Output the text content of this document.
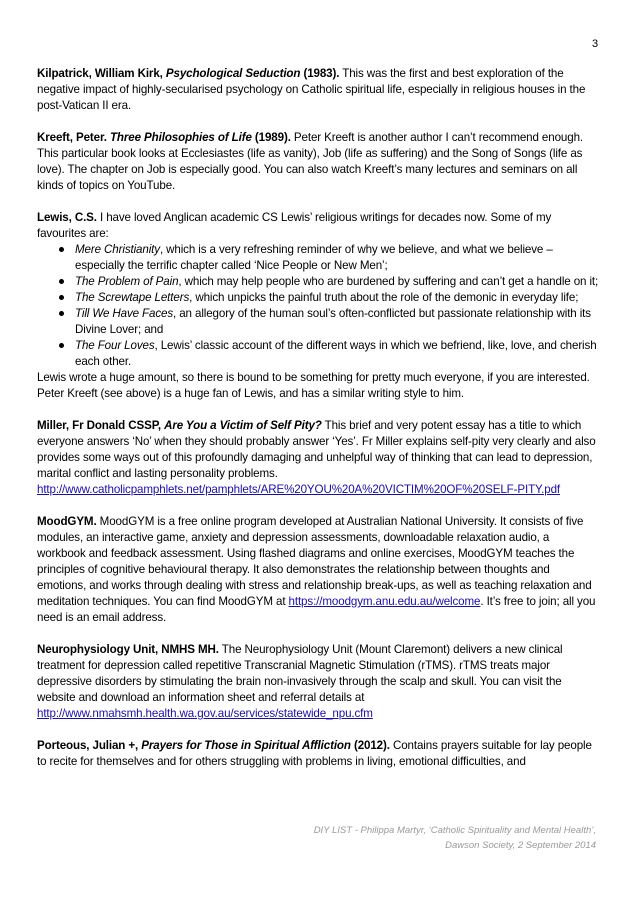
3

Kilpatrick, William Kirk, Psychological Seduction (1983). This was the first and best exploration of the negative impact of highly-secularised psychology on Catholic spiritual life, especially in religious houses in the post-Vatican II era.

Kreeft, Peter. Three Philosophies of Life (1989). Peter Kreeft is another author I can’t recommend enough. This particular book looks at Ecclesiastes (life as vanity), Job (life as suffering) and the Song of Songs (life as love). The chapter on Job is especially good. You can also watch Kreeft’s many lectures and seminars on all kinds of topics on YouTube.

Lewis, C.S. I have loved Anglican academic CS Lewis’ religious writings for decades now. Some of my favourites are:

Mere Christianity, which is a very refreshing reminder of why we believe, and what we believe – especially the terrific chapter called ‘Nice People or New Men’;
The Problem of Pain, which may help people who are burdened by suffering and can’t get a handle on it;
The Screwtape Letters, which unpicks the painful truth about the role of the demonic in everyday life;
Till We Have Faces, an allegory of the human soul’s often-conflicted but passionate relationship with its Divine Lover; and
The Four Loves, Lewis’ classic account of the different ways in which we befriend, like, love, and cherish each other.

Lewis wrote a huge amount, so there is bound to be something for pretty much everyone, if you are interested. Peter Kreeft (see above) is a huge fan of Lewis, and has a similar writing style to him.

Miller, Fr Donald CSSP, Are You a Victim of Self Pity? This brief and very potent essay has a title to which everyone answers ‘No’ when they should probably answer ‘Yes’. Fr Miller explains self-pity very clearly and also provides some ways out of this profoundly damaging and unhelpful way of thinking that can lead to depression, marital conflict and lasting personality problems.

http://www.catholicpamphlets.net/pamphlets/ARE%20YOU%20A%20VICTIM%20OF%20SELF-PITY.pdf

MoodGYM. MoodGYM is a free online program developed at Australian National University. It consists of five modules, an interactive game, anxiety and depression assessments, downloadable relaxation audio, a workbook and feedback assessment. Using flashed diagrams and online exercises, MoodGYM teaches the principles of cognitive behavioural therapy. It also demonstrates the relationship between thoughts and emotions, and works through dealing with stress and relationship break-ups, as well as teaching relaxation and meditation techniques. You can find MoodGYM at https://moodgym.anu.edu.au/welcome. It’s free to join; all you need is an email address.

Neurophysiology Unit, NMHS MH. The Neurophysiology Unit (Mount Claremont) delivers a new clinical treatment for depression called repetitive Transcranial Magnetic Stimulation (rTMS). rTMS treats major depressive disorders by stimulating the brain non-invasively through the scalp and skull. You can visit the website and download an information sheet and referral details at

http://www.nmahsmh.health.wa.gov.au/services/statewide_npu.cfm

Porteous, Julian +, Prayers for Those in Spiritual Affliction (2012). Contains prayers suitable for lay people to recite for themselves and for others struggling with problems in living, emotional difficulties, and

DIY LIST - Philippa Martyr, ‘Catholic Spirituality and Mental Health’,
Dawson Society, 2 September 2014
